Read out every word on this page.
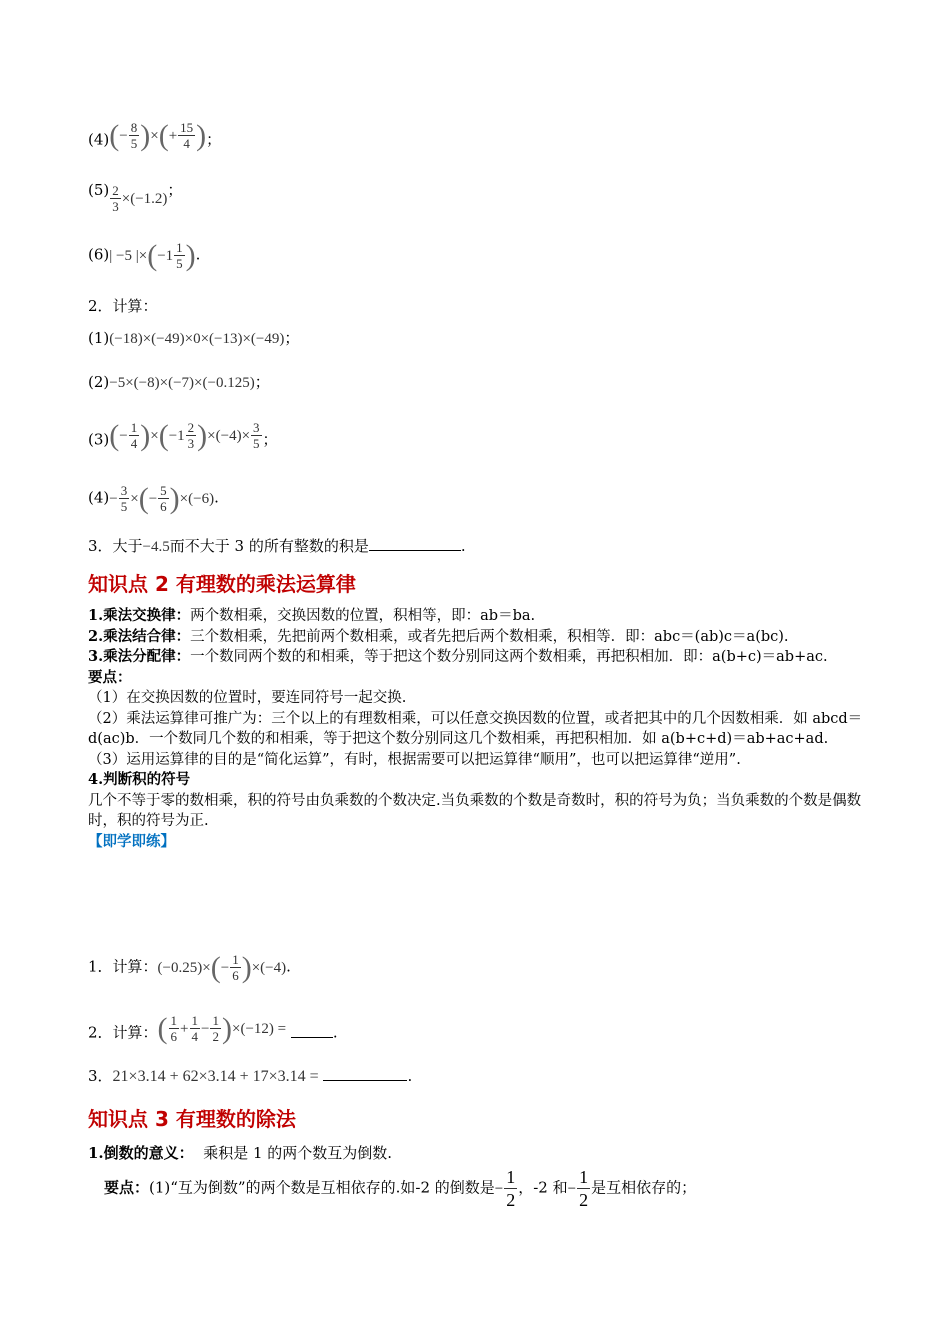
(4) ( − $\frac{8}{5}$ ) × ( + $\frac{15}{4}$ ) ；
$(5) \frac{2}{3} \times(-1.2)$；
(6)| −5 |× ( $-1 \frac{1}{5}$ ) .
2．计算：
(1)(−18)×(−49)×0×(−13)×(−49)；
(2)−5×(−8)×(−7)×(−0.125)；
(3) ( − $\frac{1}{4}$ ) × ( $-1 \frac{2}{3}$ ) $\times(-4)\times \frac{3}{5}$ ；
$(4)- \frac{3}{5}$ × ( − $\frac{5}{6}$ ) ×(−6).
3．大于−4.5而不大于 3 的所有整数的积是	.
知识点 2 有理数的乘法运算律
1.乘法交换律：两个数相乘，交换因数的位置，积相等，即：ab＝ba.
2.乘法结合律：三个数相乘，先把前两个数相乘，或者先把后两个数相乘，积相等．即：abc＝(ab)c＝a(bc).
3.乘法分配律：一个数同两个数的和相乘，等于把这个数分别同这两个数相乘，再把积相加．即：a(b+c)＝ab+ac.
要点：
（1）在交换因数的位置时，要连同符号一起交换.
（2）乘法运算律可推广为：三个以上的有理数相乘，可以任意交换因数的位置，或者把其中的几个因数相乘．如 abcd＝d(ac)b．一个数同几个数的和相乘，等于把这个数分别同这几个数相乘，再把积相加．如 a(b+c+d)＝ab+ac+ad.
（3）运用运算律的目的是“简化运算”，有时，根据需要可以把运算律“顺用”，也可以把运算律“逆用”.
4.判断积的符号
几个不等于零的数相乘，积的符号由负乘数的个数决定.当负乘数的个数是奇数时，积的符号为负；当负乘数的个数是偶数时，积的符号为正.
【即学即练】
1．计算：(−0.25)× ( − $\frac{1}{6}$ ) ×(−4).
2．计算： ( $\frac{1}{6} + \frac{1}{4} - \frac{1}{2}$ ) ×(−12) =	.
3．21×3.14 + 62×3.14 + 17×3.14 =	.
知识点 3 有理数的除法
1.倒数的意义： 乘积是 1 的两个数互为倒数.
要点：(1)“互为倒数”的两个数是互相依存的.如-2 的倒数是− $\frac{1}{2}$ ，-2 和− $\frac{1}{2}$ 是互相依存的；
